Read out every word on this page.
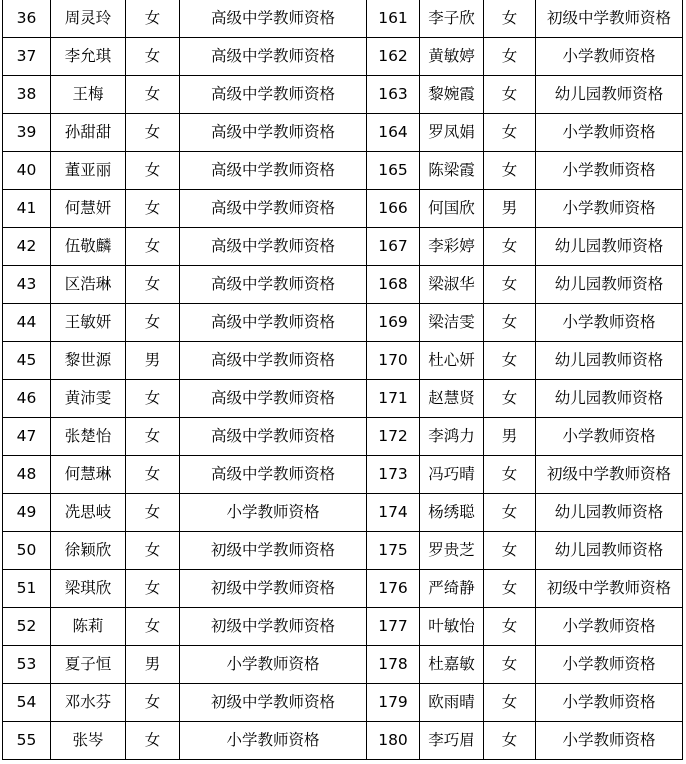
36	周灵玲	女	高级中学教师资格	161	李子欣	女	初级中学教师资格
37	李允琪	女	高级中学教师资格	162	黄敏婷	女	小学教师资格
38	王梅	女	高级中学教师资格	163	黎婉霞	女	幼儿园教师资格
39	孙甜甜	女	高级中学教师资格	164	罗凤娟	女	小学教师资格
40	董亚丽	女	高级中学教师资格	165	陈梁霞	女	小学教师资格
41	何慧妍	女	高级中学教师资格	166	何国欣	男	小学教师资格
42	伍敬麟	女	高级中学教师资格	167	李彩婷	女	幼儿园教师资格
43	区浩琳	女	高级中学教师资格	168	梁淑华	女	幼儿园教师资格
44	王敏妍	女	高级中学教师资格	169	梁洁雯	女	小学教师资格
45	黎世源	男	高级中学教师资格	170	杜心妍	女	幼儿园教师资格
46	黄沛雯	女	高级中学教师资格	171	赵慧贤	女	幼儿园教师资格
47	张楚怡	女	高级中学教师资格	172	李鸿力	男	小学教师资格
48	何慧琳	女	高级中学教师资格	173	冯巧晴	女	初级中学教师资格
49	冼思岐	女	小学教师资格	174	杨绣聪	女	幼儿园教师资格
50	徐颖欣	女	初级中学教师资格	175	罗贵芝	女	幼儿园教师资格
51	梁琪欣	女	初级中学教师资格	176	严绮静	女	初级中学教师资格
52	陈莉	女	初级中学教师资格	177	叶敏怡	女	小学教师资格
53	夏子恒	男	小学教师资格	178	杜嘉敏	女	小学教师资格
54	邓水芬	女	初级中学教师资格	179	欧雨晴	女	小学教师资格
55	张岑	女	小学教师资格	180	李巧眉	女	小学教师资格
